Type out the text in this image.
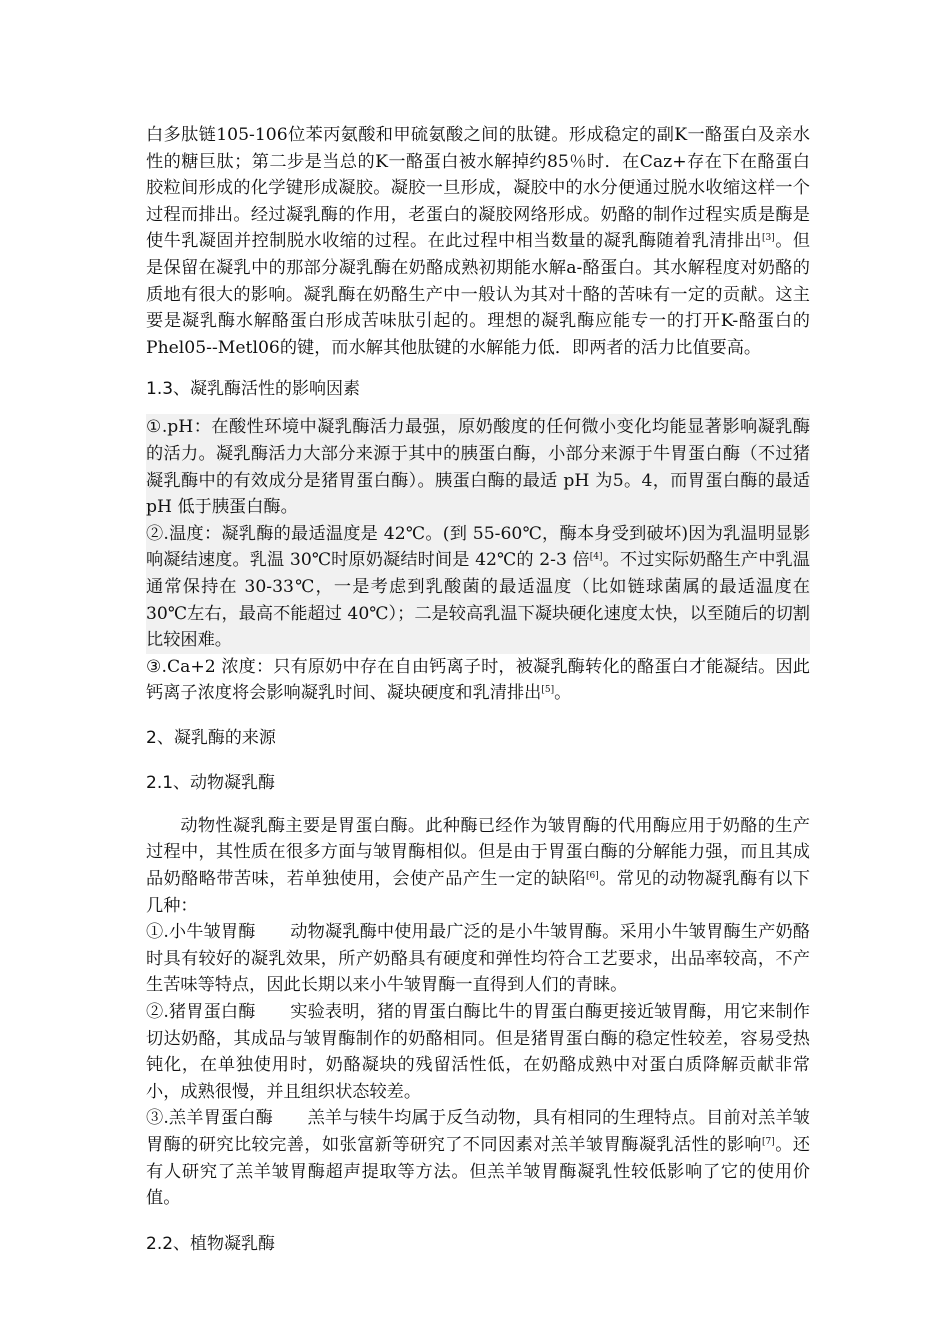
白多肽链105-106位苯丙氨酸和甲硫氨酸之间的肽键。形成稳定的副K一酪蛋白及亲水性的糖巨肽；第二步是当总的K一酪蛋白被水解掉约85％时．在Caz+存在下在酪蛋白胶粒间形成的化学键形成凝胶。凝胶一旦形成，凝胶中的水分便通过脱水收缩这样一个过程而排出。经过凝乳酶的作用，老蛋白的凝胶网络形成。奶酪的制作过程实质是酶是使牛乳凝固并控制脱水收缩的过程。在此过程中相当数量的凝乳酶随着乳清排出[3]。但是保留在凝乳中的那部分凝乳酶在奶酪成熟初期能水解a-酪蛋白。其水解程度对奶酪的质地有很大的影响。凝乳酶在奶酪生产中一般认为其对十酪的苦味有一定的贡献。这主要是凝乳酶水解酪蛋白形成苦味肽引起的。理想的凝乳酶应能专一的打开K-酪蛋白的Phel05--Metl06的键，而水解其他肽键的水解能力低．即两者的活力比值要高。

1.3、凝乳酶活性的影响因素

①.pH：在酸性环境中凝乳酶活力最强，原奶酸度的任何微小变化均能显著影响凝乳酶的活力。凝乳酶活力大部分来源于其中的胰蛋白酶，小部分来源于牛胃蛋白酶（不过猪凝乳酶中的有效成分是猪胃蛋白酶）。胰蛋白酶的最适 pH 为5。4，而胃蛋白酶的最适 pH 低于胰蛋白酶。

②.温度：凝乳酶的最适温度是 42℃。(到 55-60℃，酶本身受到破坏)因为乳温明显影响凝结速度。乳温 30℃时原奶凝结时间是 42℃的 2-3 倍[4]。不过实际奶酪生产中乳温通常保持在 30-33℃，一是考虑到乳酸菌的最适温度（比如链球菌属的最适温度在 30℃左右，最高不能超过 40℃）；二是较高乳温下凝块硬化速度太快，以至随后的切割比较困难。

③.Ca+2 浓度：只有原奶中存在自由钙离子时，被凝乳酶转化的酪蛋白才能凝结。因此钙离子浓度将会影响凝乳时间、凝块硬度和乳清排出[5]。

2、凝乳酶的来源
2.1、动物凝乳酶

动物性凝乳酶主要是胃蛋白酶。此种酶已经作为皱胃酶的代用酶应用于奶酪的生产过程中，其性质在很多方面与皱胃酶相似。但是由于胃蛋白酶的分解能力强，而且其成品奶酪略带苦味，若单独使用，会使产品产生一定的缺陷[6]。常见的动物凝乳酶有以下几种：

①.小牛皱胃酶　　动物凝乳酶中使用最广泛的是小牛皱胃酶。采用小牛皱胃酶生产奶酪时具有较好的凝乳效果，所产奶酪具有硬度和弹性均符合工艺要求，出品率较高，不产生苦味等特点，因此长期以来小牛皱胃酶一直得到人们的青睐。

②.猪胃蛋白酶　　实验表明，猪的胃蛋白酶比牛的胃蛋白酶更接近皱胃酶，用它来制作切达奶酪，其成品与皱胃酶制作的奶酪相同。但是猪胃蛋白酶的稳定性较差，容易受热钝化，在单独使用时，奶酪凝块的残留活性低，在奶酪成熟中对蛋白质降解贡献非常小，成熟很慢，并且组织状态较差。

③.羔羊胃蛋白酶　　羔羊与犊牛均属于反刍动物，具有相同的生理特点。目前对羔羊皱胃酶的研究比较完善，如张富新等研究了不同因素对羔羊皱胃酶凝乳活性的影响[7]。还有人研究了羔羊皱胃酶超声提取等方法。但羔羊皱胃酶凝乳性较低影响了它的使用价值。

2.2、植物凝乳酶
